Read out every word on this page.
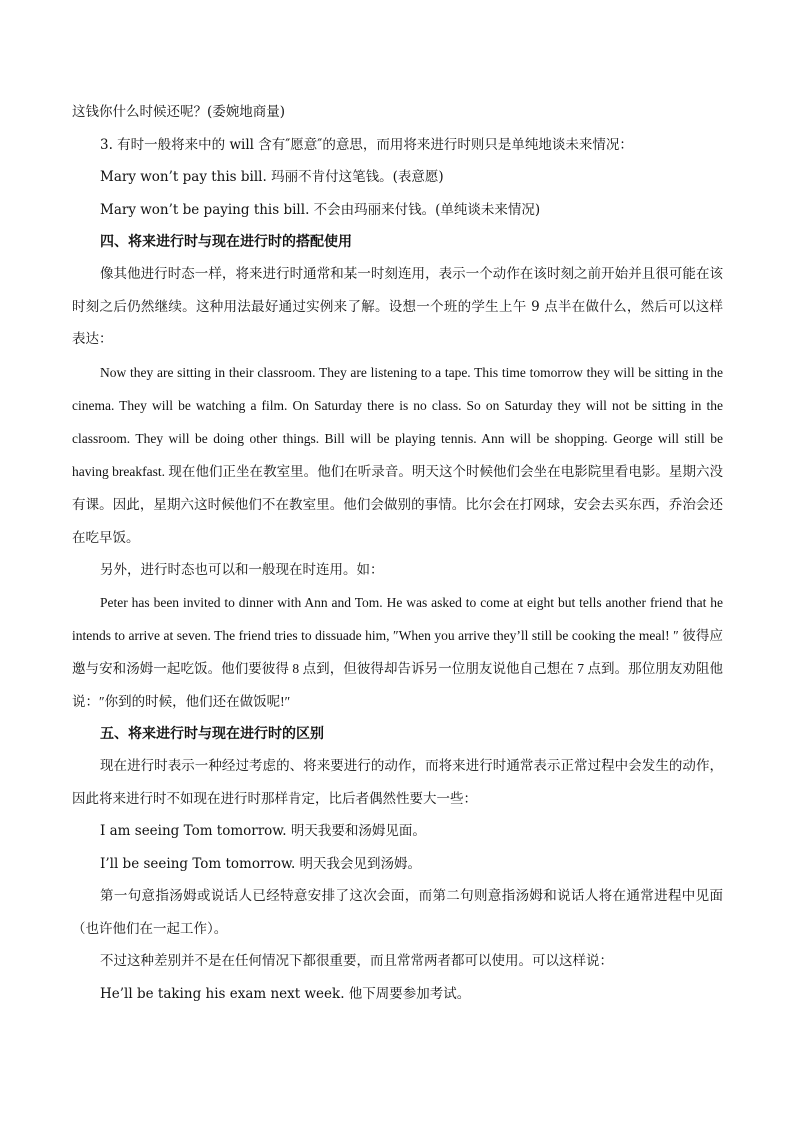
这钱你什么时候还呢？(委婉地商量)
3. 有时一般将来中的 will 含有″愿意″的意思，而用将来进行时则只是单纯地谈未来情况：
Mary won’t pay this bill. 玛丽不肯付这笔钱。(表意愿)
Mary won’t be paying this bill. 不会由玛丽来付钱。(单纯谈未来情况)
四、将来进行时与现在进行时的搭配使用

像其他进行时态一样，将来进行时通常和某一时刻连用，表示一个动作在该时刻之前开始并且很可能在该时刻之后仍然继续。这种用法最好通过实例来了解。设想一个班的学生上午 9 点半在做什么，然后可以这样表达：

Now they are sitting in their classroom. They are listening to a tape. This time tomorrow they will be sitting in the cinema. They will be watching a film. On Saturday there is no class. So on Saturday they will not be sitting in the classroom. They will be doing other things. Bill will be playing tennis. Ann will be shopping. George will still be having breakfast. 现在他们正坐在教室里。他们在听录音。明天这个时候他们会坐在电影院里看电影。星期六没有课。因此，星期六这时候他们不在教室里。他们会做别的事情。比尔会在打网球，安会去买东西，乔治会还在吃早饭。

另外，进行时态也可以和一般现在时连用。如：

Peter has been invited to dinner with Ann and Tom. He was asked to come at eight but tells another friend that he intends to arrive at seven. The friend tries to dissuade him, ″When you arrive they’ll still be cooking the meal! ″ 彼得应邀与安和汤姆一起吃饭。他们要彼得 8 点到，但彼得却告诉另一位朋友说他自己想在 7 点到。那位朋友劝阻他说：″你到的时候，他们还在做饭呢!″

五、将来进行时与现在进行时的区别

现在进行时表示一种经过考虑的、将来要进行的动作，而将来进行时通常表示正常过程中会发生的动作，因此将来进行时不如现在进行时那样肯定，比后者偶然性要大一些：

I am seeing Tom tomorrow. 明天我要和汤姆见面。
I’ll be seeing Tom tomorrow. 明天我会见到汤姆。

第一句意指汤姆或说话人已经特意安排了这次会面，而第二句则意指汤姆和说话人将在通常进程中见面（也许他们在一起工作）。

不过这种差别并不是在任何情况下都很重要，而且常常两者都可以使用。可以这样说：

He’ll be taking his exam next week. 他下周要参加考试。
